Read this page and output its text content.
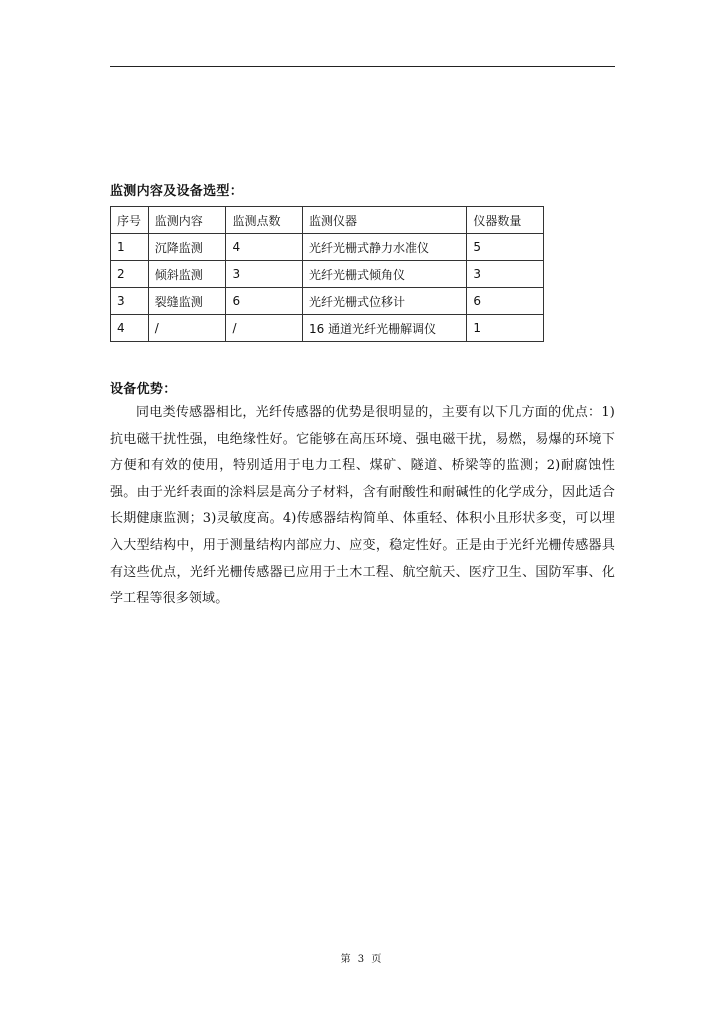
监测内容及设备选型：
序号	监测内容	监测点数	监测仪器	仪器数量
1	沉降监测	4	光纤光栅式静力水准仪	5
2	倾斜监测	3	光纤光栅式倾角仪	3
3	裂缝监测	6	光纤光栅式位移计	6
4	/	/	16 通道光纤光栅解调仪	1
设备优势：

同电类传感器相比，光纤传感器的优势是很明显的，主要有以下几方面的优点：1)抗电磁干扰性强，电绝缘性好。它能够在高压环境、强电磁干扰，易燃，易爆的环境下方便和有效的使用，特别适用于电力工程、煤矿、隧道、桥梁等的监测；2)耐腐蚀性强。由于光纤表面的涂料层是高分子材料，含有耐酸性和耐碱性的化学成分，因此适合长期健康监测；3)灵敏度高。4)传感器结构简单、体重轻、体积小且形状多变，可以埋入大型结构中，用于测量结构内部应力、应变，稳定性好。正是由于光纤光栅传感器具有这些优点，光纤光栅传感器已应用于土木工程、航空航天、医疗卫生、国防军事、化学工程等很多领域。

第 3 页
